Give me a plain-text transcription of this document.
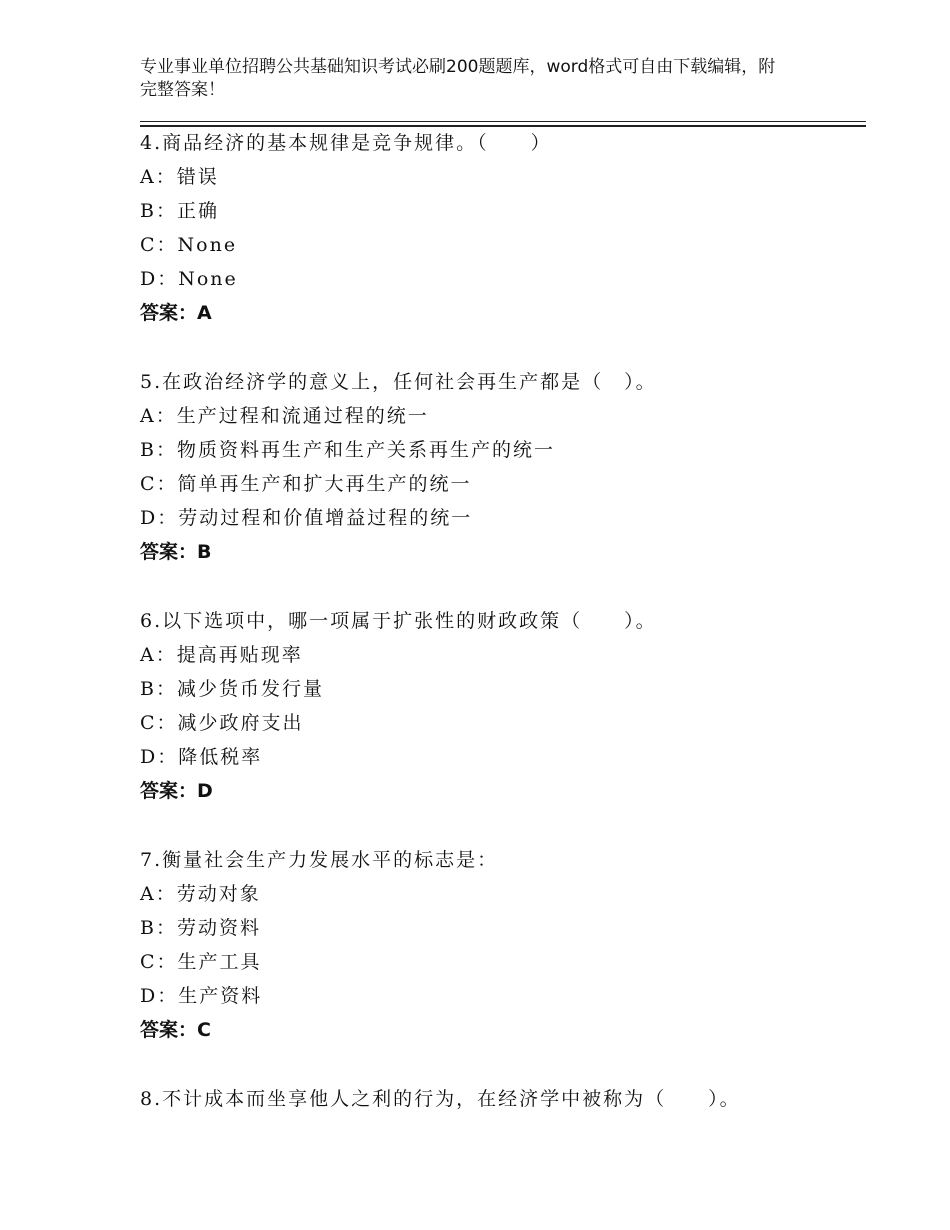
专业事业单位招聘公共基础知识考试必刷200题题库，word格式可自由下载编辑，附完整答案！
4.商品经济的基本规律是竞争规律。（　　）
A：错误
B：正确
C：None
D：None
答案：A
5.在政治经济学的意义上，任何社会再生产都是（　）。
A：生产过程和流通过程的统一
B：物质资料再生产和生产关系再生产的统一
C：简单再生产和扩大再生产的统一
D：劳动过程和价值增益过程的统一
答案：B
6.以下选项中，哪一项属于扩张性的财政政策（　　）。
A：提高再贴现率
B：减少货币发行量
C：减少政府支出
D：降低税率
答案：D
7.衡量社会生产力发展水平的标志是：
A：劳动对象
B：劳动资料
C：生产工具
D：生产资料
答案：C
8.不计成本而坐享他人之利的行为，在经济学中被称为（　　）。
